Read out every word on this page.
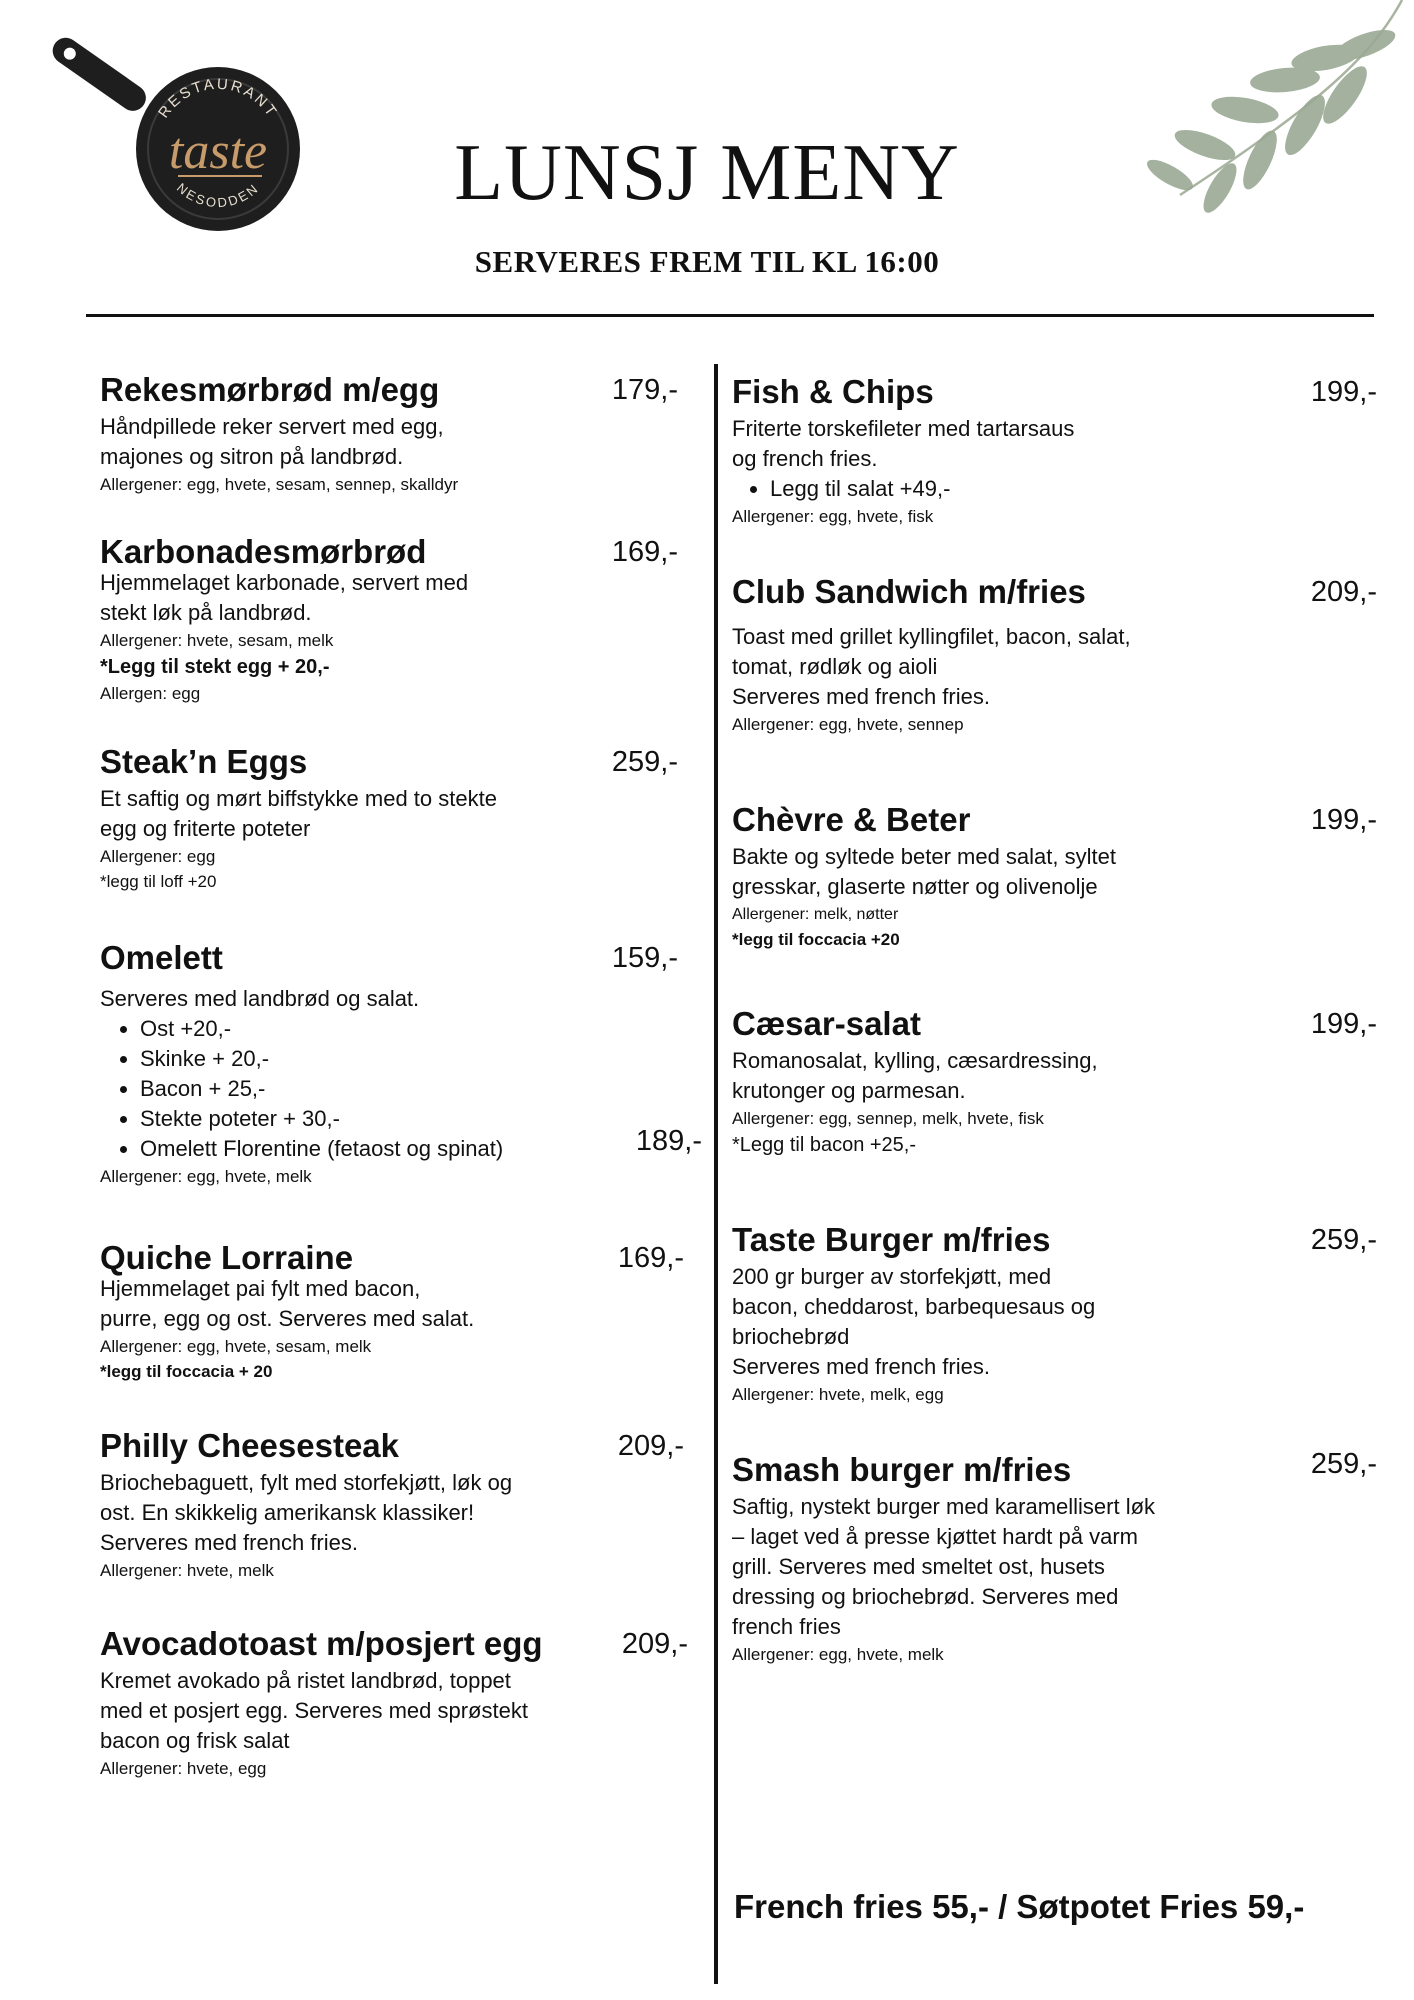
RESTAURANT
NESODDEN
taste	LUNSJ MENY
SERVERES FREM TIL KL 16:00
Rekesmørbrød m/egg	179,-
Håndpillede reker servert med egg,
majones og sitron på landbrød.
Allergener: egg, hvete, sesam, sennep, skalldyr
Karbonadesmørbrød	169,-
Hjemmelaget karbonade, servert med
stekt løk på landbrød.
Allergener: hvete, sesam, melk
*Legg til stekt egg + 20,-
Allergen: egg
Steak’n Eggs	259,-
Et saftig og mørt biffstykke med to stekte
egg og friterte poteter
Allergener: egg
*legg til loff +20
Omelett	159,-
Serveres med landbrød og salat.
• Ost +20,-
• Skinke + 20,-
• Bacon + 25,-
• Stekte poteter + 30,-
• Omelett Florentine (fetaost og spinat)	189,-
Allergener: egg, hvete, melk
Quiche Lorraine	169,-
Hjemmelaget pai fylt med bacon,
purre, egg og ost. Serveres med salat.
Allergener: egg, hvete, sesam, melk
*legg til foccacia + 20
Philly Cheesesteak	209,-
Briochebaguett, fylt med storfekjøtt, løk og
ost. En skikkelig amerikansk klassiker!
Serveres med french fries.
Allergener: hvete, melk
Avocadotoast m/posjert egg	209,-
Kremet avokado på ristet landbrød, toppet
med et posjert egg. Serveres med sprøstekt
bacon og frisk salat
Allergener: hvete, egg
Fish & Chips	199,-
Friterte torskefileter med tartarsaus
og french fries.
• Legg til salat +49,-
Allergener: egg, hvete, fisk
Club Sandwich m/fries	209,-
Toast med grillet kyllingfilet, bacon, salat,
tomat, rødløk og aioli
Serveres med french fries.
Allergener: egg, hvete, sennep
Chèvre & Beter	199,-
Bakte og syltede beter med salat, syltet
gresskar, glaserte nøtter og olivenolje
Allergener: melk, nøtter
*legg til foccacia +20
Cæsar-salat	199,-
Romanosalat, kylling, cæsardressing,
krutonger og parmesan.
Allergener: egg, sennep, melk, hvete, fisk
*Legg til bacon +25,-
Taste Burger m/fries	259,-
200 gr burger av storfekjøtt, med
bacon, cheddarost, barbequesaus og
briochebrød
Serveres med french fries.
Allergener: hvete, melk, egg
Smash burger m/fries	259,-
Saftig, nystekt burger med karamellisert løk
– laget ved å presse kjøttet hardt på varm
grill. Serveres med smeltet ost, husets
dressing og briochebrød. Serveres med
french fries
Allergener: egg, hvete, melk
French fries 55,- / Søtpotet Fries 59,-
